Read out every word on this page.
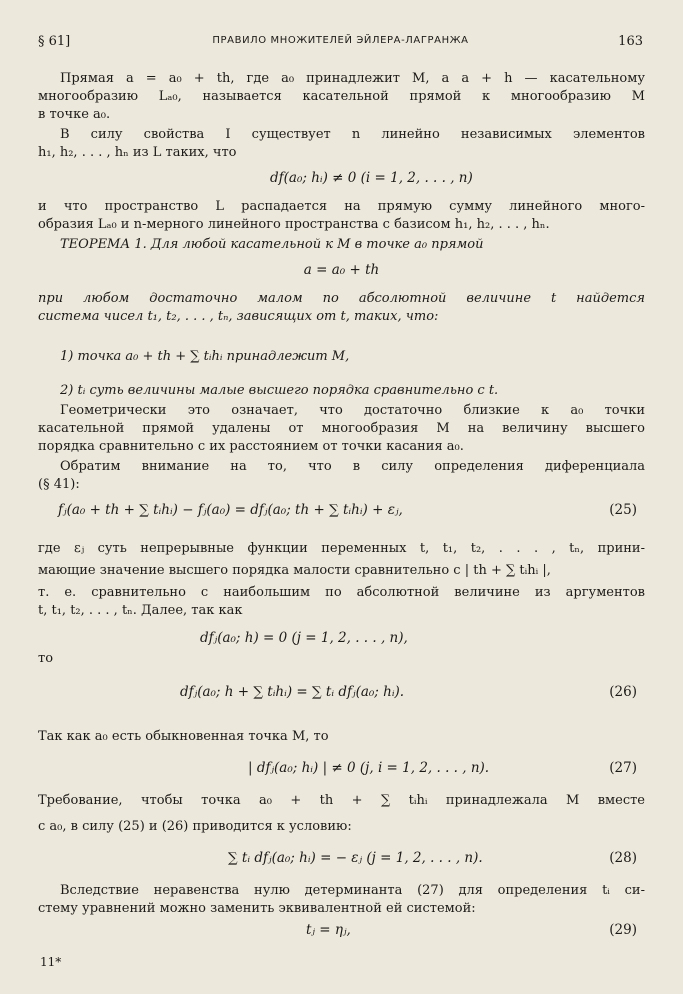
§ 61]	ПРАВИЛО МНОЖИТЕЛЕЙ ЭЙЛЕРА-ЛАГРАНЖА	163
Прямая a = a₀ + th, где a₀ принадлежит M, а a + h — касательному
многообразию Lₐ₀, называется касательной прямой к многообразию M
в точке a₀.
В силу свойства I существует n линейно независимых элементов
h₁, h₂, . . . , hₙ из L таких, что
df(a₀; hᵢ) ≠ 0 (i = 1, 2, . . . , n)
и что пространство L распадается на прямую сумму линейного много-
образия Lₐ₀ и n-мерного линейного пространства с базисом h₁, h₂, . . . , hₙ.
ТЕОРЕМА 1. Для любой касательной к M в точке a₀ прямой
a = a₀ + th
при любом достаточно малом по абсолютной величине t найдется
система чисел t₁, t₂, . . . , tₙ, зависящих от t, таких, что:
1) точка a₀ + th + ∑ tᵢhᵢ принадлежит M,
2) tᵢ суть величины малые высшего порядка сравнительно с t.
Геометрически это означает, что достаточно близкие к a₀ точки
касательной прямой удалены от многообразия M на величину высшего
порядка сравнительно с их расстоянием от точки касания a₀.
Обратим внимание на то, что в силу определения диференциала
(§ 41):
fⱼ(a₀ + th + ∑ tᵢhᵢ) − fⱼ(a₀) = dfⱼ(a₀; th + ∑ tᵢhᵢ) + εⱼ,	(25)
где εⱼ суть непрерывные функции переменных t, t₁, t₂, . . . , tₙ, прини-
мающие значение высшего порядка малости сравнительно с | th + ∑ tᵢhᵢ |,
т. е. сравнительно с наибольшим по абсолютной величине из аргументов
t, t₁, t₂, . . . , tₙ. Далее, так как
dfⱼ(a₀; h) = 0 (j = 1, 2, . . . , n),
то
dfⱼ(a₀; h + ∑ tᵢhᵢ) = ∑ tᵢ dfⱼ(a₀; hᵢ).	(26)
Так как a₀ есть обыкновенная точка M, то
| dfⱼ(a₀; hᵢ) | ≠ 0 (j, i = 1, 2, . . . , n).	(27)
Требование, чтобы точка a₀ + th + ∑ tᵢhᵢ принадлежала M вместе
с a₀, в силу (25) и (26) приводится к условию:
∑ tᵢ dfⱼ(a₀; hᵢ) = − εⱼ (j = 1, 2, . . . , n).	(28)
Вследствие неравенства нулю детерминанта (27) для определения tᵢ си-
стему уравнений можно заменить эквивалентной ей системой:
tⱼ = ηⱼ,	(29)
11*
